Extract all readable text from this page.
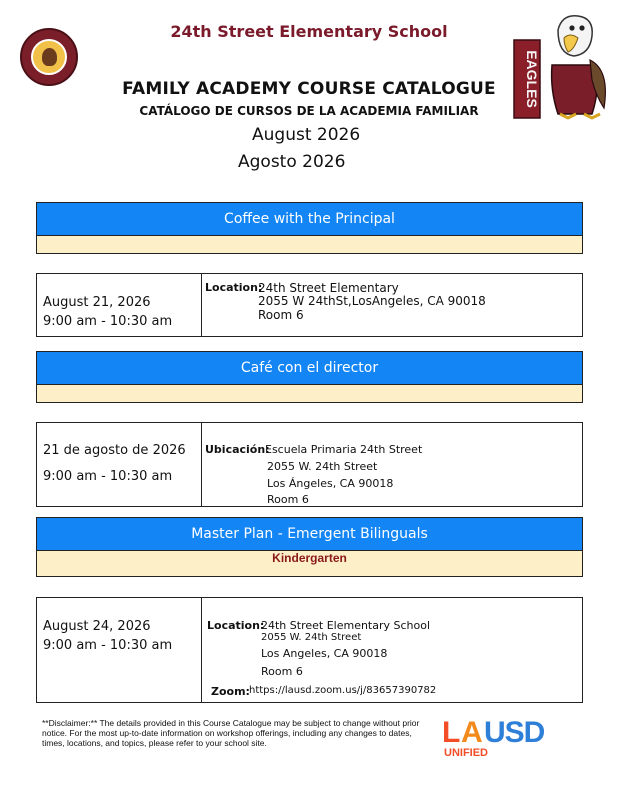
24th Street Elementary School
EAGLES
FAMILY ACADEMY COURSE CATALOGUE
CATÁLOGO DE CURSOS DE LA ACADEMIA FAMILIAR
August 2026
Agosto 2026
Coffee with the Principal
August 21, 2026
9:00 am - 10:30 am
Location:
24th Street Elementary
2055 W 24thSt,LosAngeles, CA 90018
Room 6
Café con el director
21 de agosto de 2026
9:00 am - 10:30 am
Ubicación:
Escuela Primaria 24th Street
2055 W. 24th Street
Los Ángeles, CA 90018
Room 6
Master Plan - Emergent Bilinguals
Kindergarten
August 24, 2026
9:00 am - 10:30 am
Location:
24th Street Elementary School
2055 W. 24th Street
Los Angeles, CA 90018
Room 6
Zoom: https://lausd.zoom.us/j/83657390782
**Disclaimer:** The details provided in this Course Catalogue may be subject to change without prior notice. For the most up-to-date information on workshop offerings, including any changes to dates, times, locations, and topics, please refer to your school site.	L A USD
UNIFIED
